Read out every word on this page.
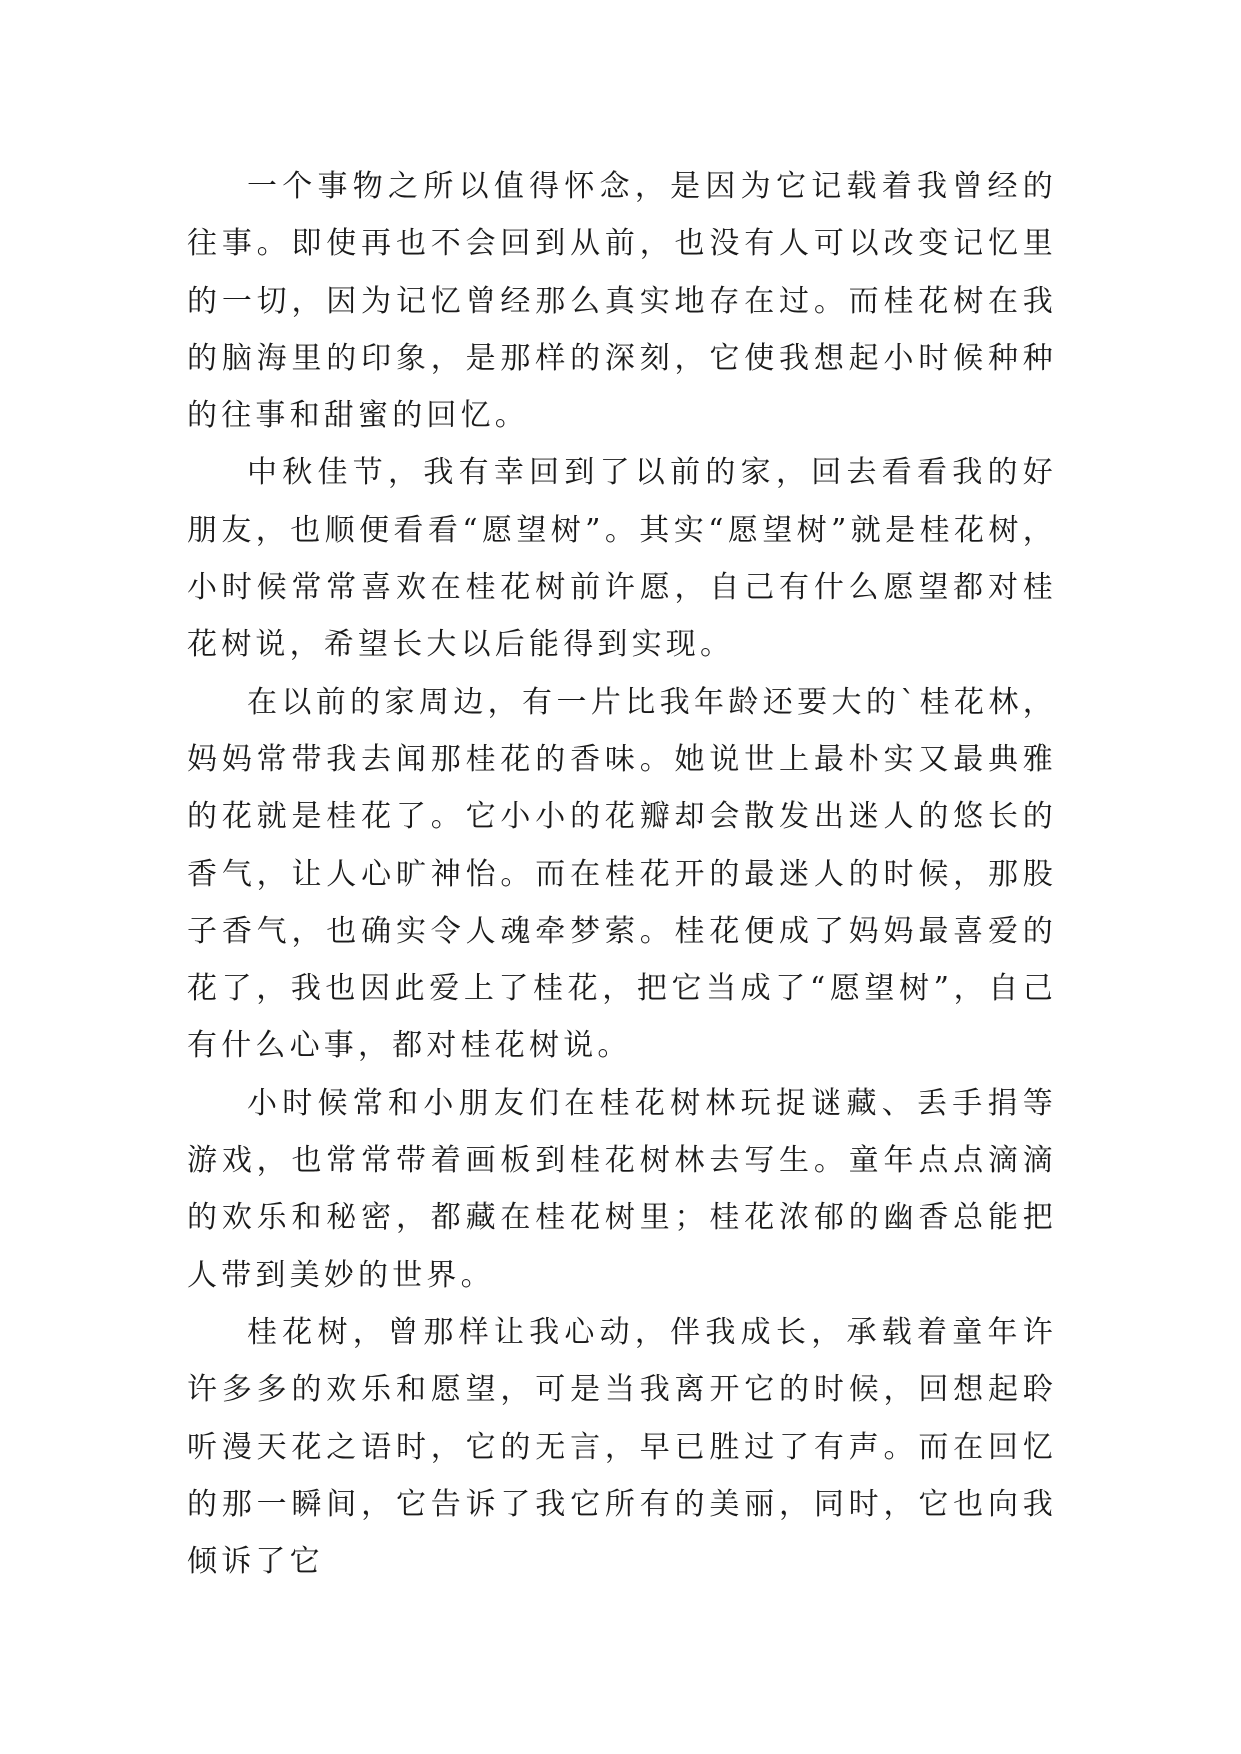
一个事物之所以值得怀念，是因为它记载着我曾经的往事。即使再也不会回到从前，也没有人可以改变记忆里的一切，因为记忆曾经那么真实地存在过。而桂花树在我的脑海里的印象，是那样的深刻，它使我想起小时候种种的往事和甜蜜的回忆。

中秋佳节，我有幸回到了以前的家，回去看看我的好朋友，也顺便看看“愿望树”。其实“愿望树”就是桂花树，小时候常常喜欢在桂花树前许愿，自己有什么愿望都对桂花树说，希望长大以后能得到实现。

在以前的家周边，有一片比我年龄还要大的`桂花林，妈妈常带我去闻那桂花的香味。她说世上最朴实又最典雅的花就是桂花了。它小小的花瓣却会散发出迷人的悠长的香气，让人心旷神怡。而在桂花开的最迷人的时候，那股子香气，也确实令人魂牵梦萦。桂花便成了妈妈最喜爱的花了，我也因此爱上了桂花，把它当成了“愿望树”，自己有什么心事，都对桂花树说。

小时候常和小朋友们在桂花树林玩捉谜藏、丢手捐等游戏，也常常带着画板到桂花树林去写生。童年点点滴滴的欢乐和秘密，都藏在桂花树里；桂花浓郁的幽香总能把人带到美妙的世界。

桂花树，曾那样让我心动，伴我成长，承载着童年许许多多的欢乐和愿望，可是当我离开它的时候，回想起聆听漫天花之语时，它的无言，早已胜过了有声。而在回忆的那一瞬间，它告诉了我它所有的美丽，同时，它也向我倾诉了它
